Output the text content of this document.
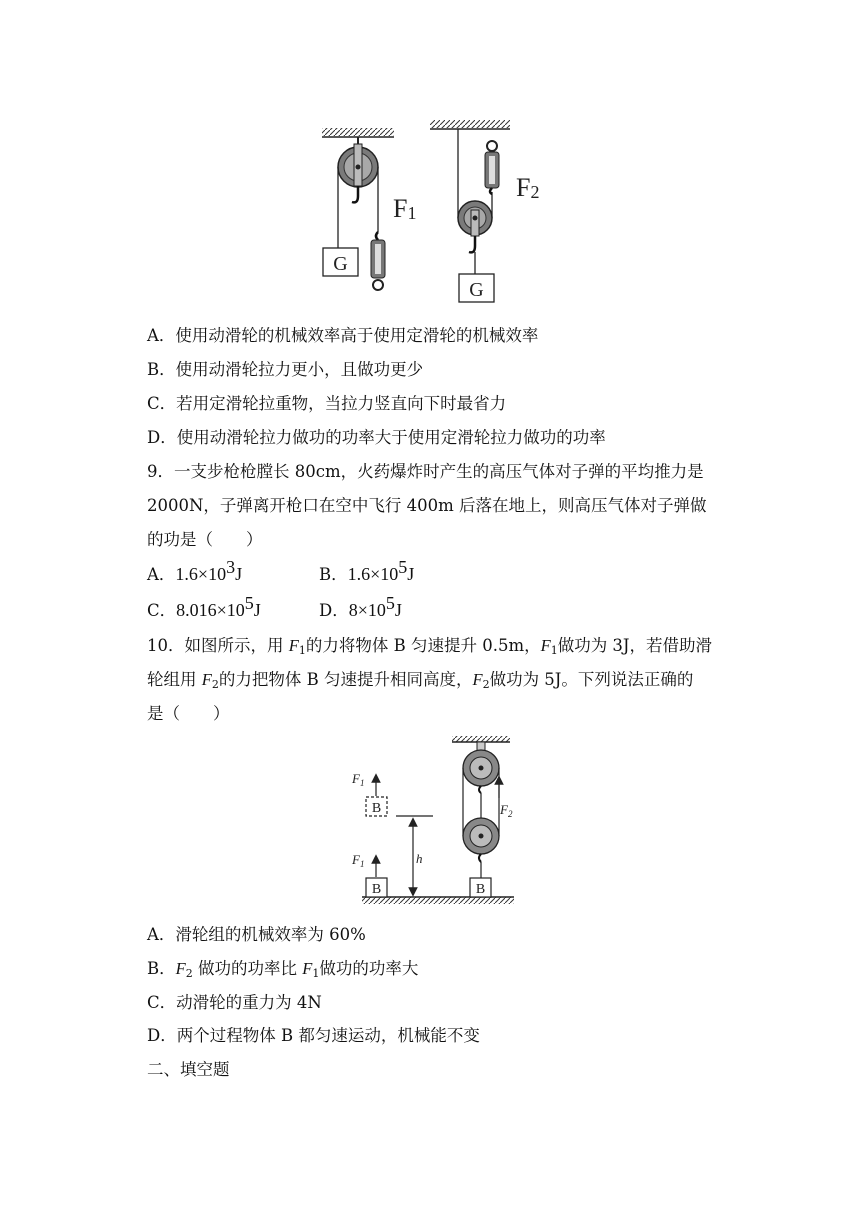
G
F1
G
F2
A．使用动滑轮的机械效率高于使用定滑轮的机械效率
B．使用动滑轮拉力更小，且做功更少
C．若用定滑轮拉重物，当拉力竖直向下时最省力
D．使用动滑轮拉力做功的功率大于使用定滑轮拉力做功的功率
9．一支步枪枪膛长 80cm，火药爆炸时产生的高压气体对子弹的平均推力是
2000N，子弹离开枪口在空中飞行 400m 后落在地上，则高压气体对子弹做
的功是（　　）
A．$1.6\times 10^3J$	B．$1.6\times 10^5J$
C．$8.016\times 10^5J$	D．$8\times 10^5J$
10．如图所示，用 $F_1$的力将物体 B 匀速提升 0.5m，$F_1$做功为 3J，若借助滑
轮组用 $F_2$的力把物体 B 匀速提升相同高度，$F_2$做功为 5J。下列说法正确的
是（　　）
B
$F_1$
B
$F_1$	h
$F_2$
B
A．滑轮组的机械效率为 60%
B．$F_2$ 做功的功率比 $F_1$做功的功率大
C．动滑轮的重力为 4N
D．两个过程物体 B 都匀速运动，机械能不变
二、填空题
